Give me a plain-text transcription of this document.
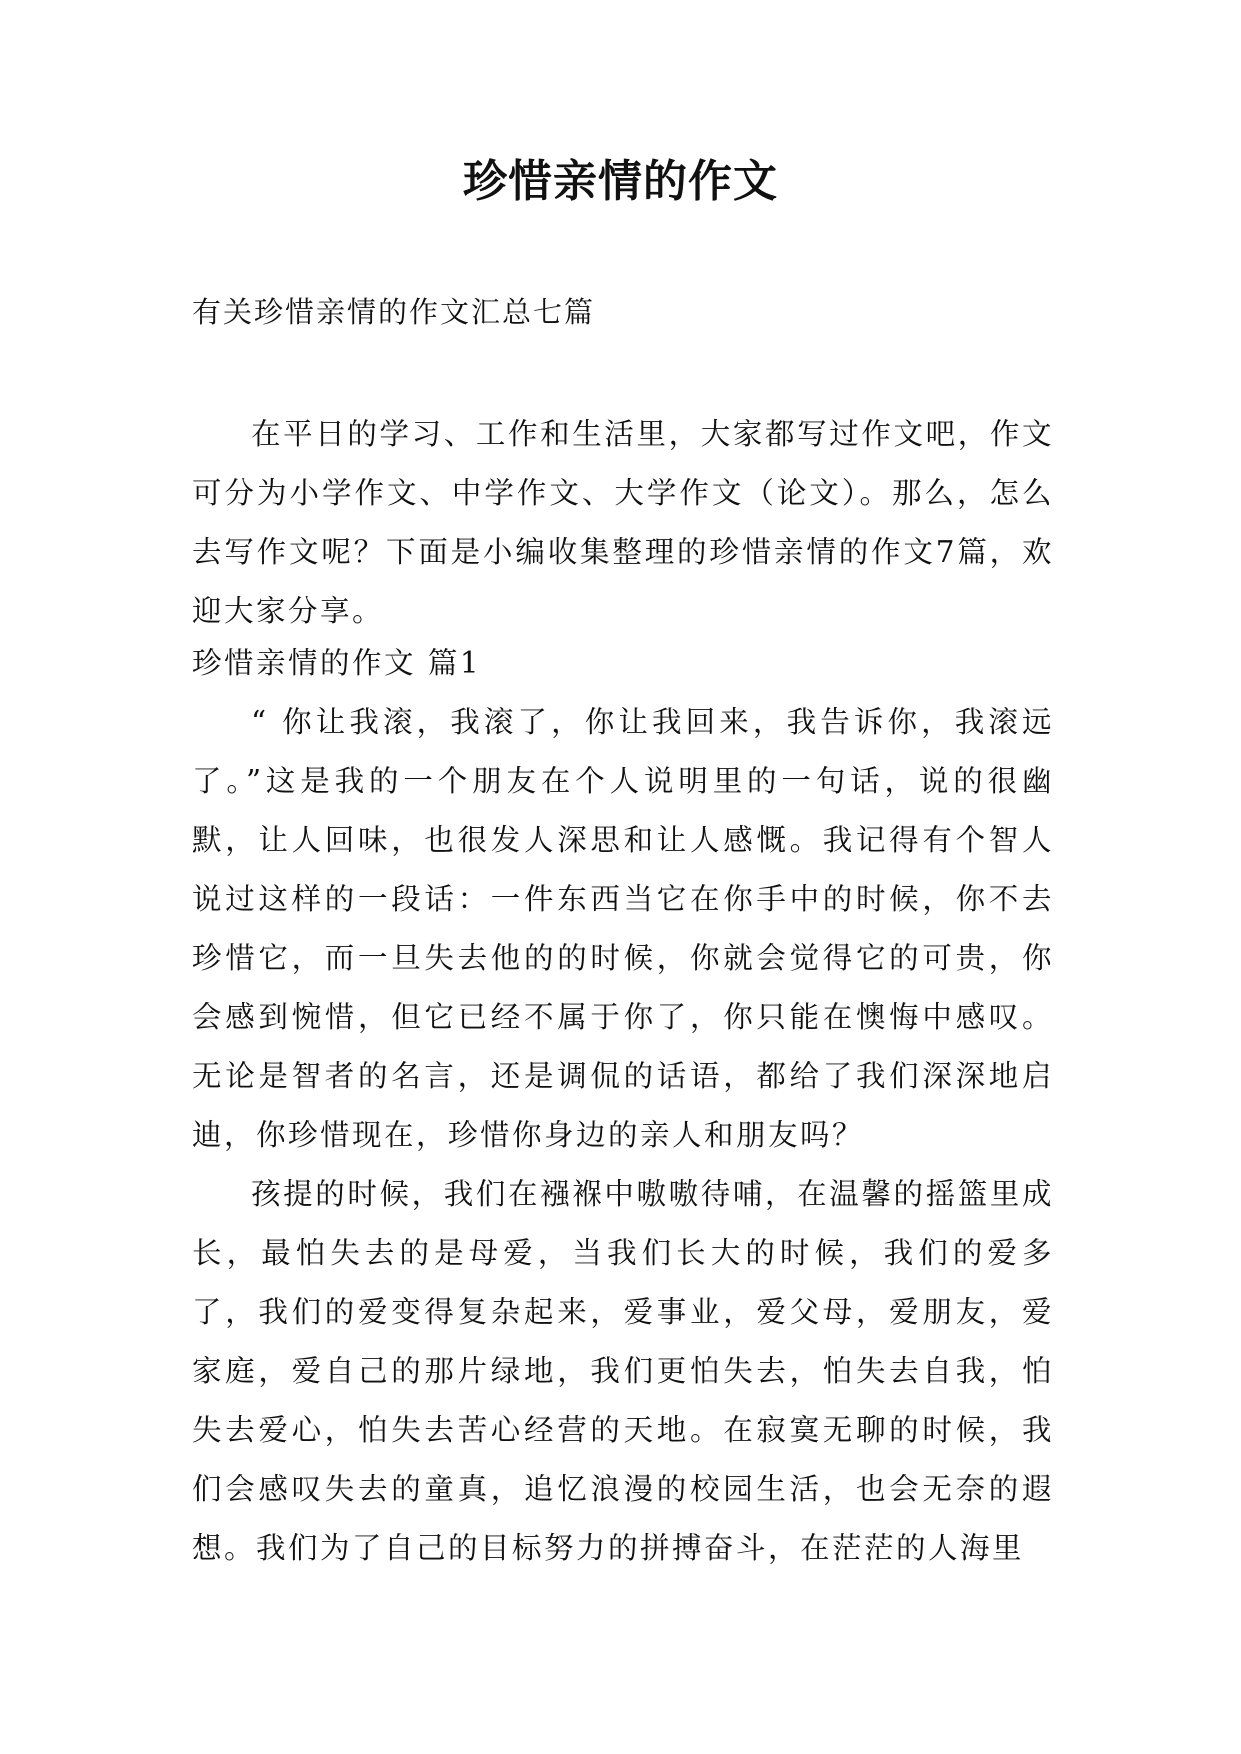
珍惜亲情的作文
有关珍惜亲情的作文汇总七篇

在平日的学习、工作和生活里，大家都写过作文吧，作文可分为小学作文、中学作文、大学作文（论文）。那么，怎么去写作文呢？下面是小编收集整理的珍惜亲情的作文7篇，欢迎大家分享。

珍惜亲情的作文 篇1

“ 你让我滚，我滚了，你让我回来，我告诉你，我滚远了。”这是我的一个朋友在个人说明里的一句话，说的很幽默，让人回味，也很发人深思和让人感慨。我记得有个智人说过这样的一段话：一件东西当它在你手中的时候，你不去珍惜它，而一旦失去他的的时候，你就会觉得它的可贵，你会感到惋惜，但它已经不属于你了，你只能在懊悔中感叹。无论是智者的名言，还是调侃的话语，都给了我们深深地启迪，你珍惜现在，珍惜你身边的亲人和朋友吗？

孩提的时候，我们在襁褓中嗷嗷待哺，在温馨的摇篮里成长，最怕失去的是母爱，当我们长大的时候，我们的爱多了，我们的爱变得复杂起来，爱事业，爱父母，爱朋友，爱家庭，爱自己的那片绿地，我们更怕失去，怕失去自我，怕失去爱心，怕失去苦心经营的天地。在寂寞无聊的时候，我们会感叹失去的童真，追忆浪漫的校园生活，也会无奈的遐想。我们为了自己的目标努力的拼搏奋斗，在茫茫的人海里
